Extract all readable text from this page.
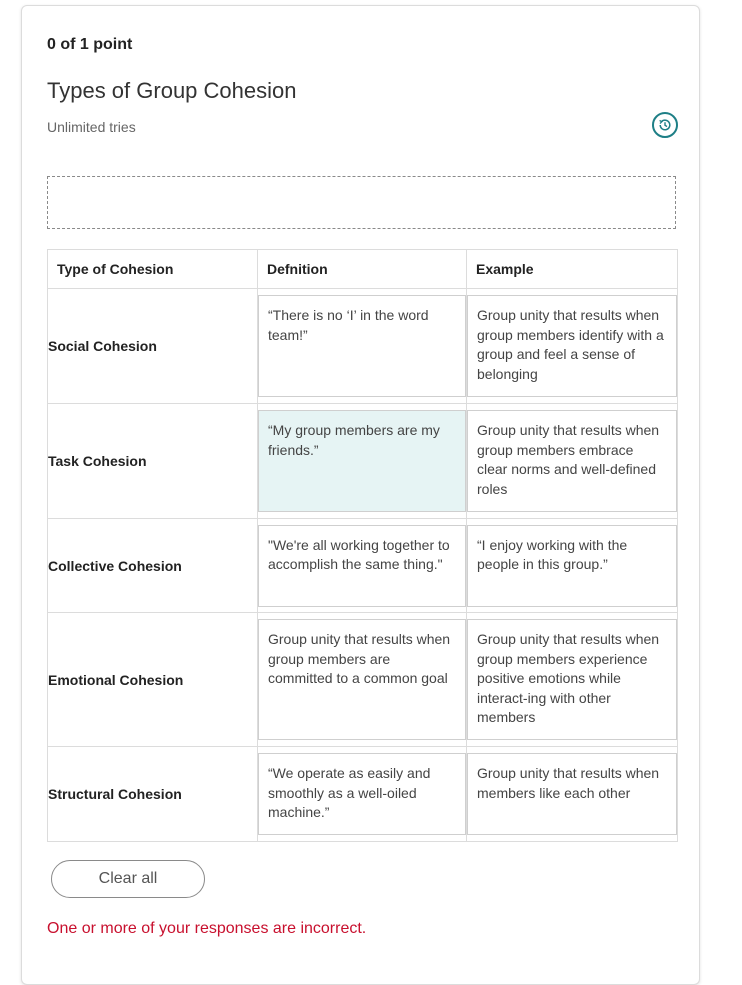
0 of 1 point
Types of Group Cohesion
Unlimited tries
Type of Cohesion	Defnition	Example
Social Cohesion	“There is no ‘I’ in the word team!”	Group unity that results when group members identify with a group and feel a sense of belonging

Task Cohesion	“My group members are my friends.”	Group unity that results when group members embrace clear norms and well-defined roles

Collective Cohesion	"We're all working together to accomplish the same thing."	“I enjoy working with the people in this group.”

Emotional Cohesion	Group unity that results when group members are committed to a common goal	Group unity that results when group members experience positive emotions while interact-ing with other members

Structural Cohesion	“We operate as easily and smoothly as a well-oiled machine.”	Group unity that results when members like each other
Clear all
One or more of your responses are incorrect.
